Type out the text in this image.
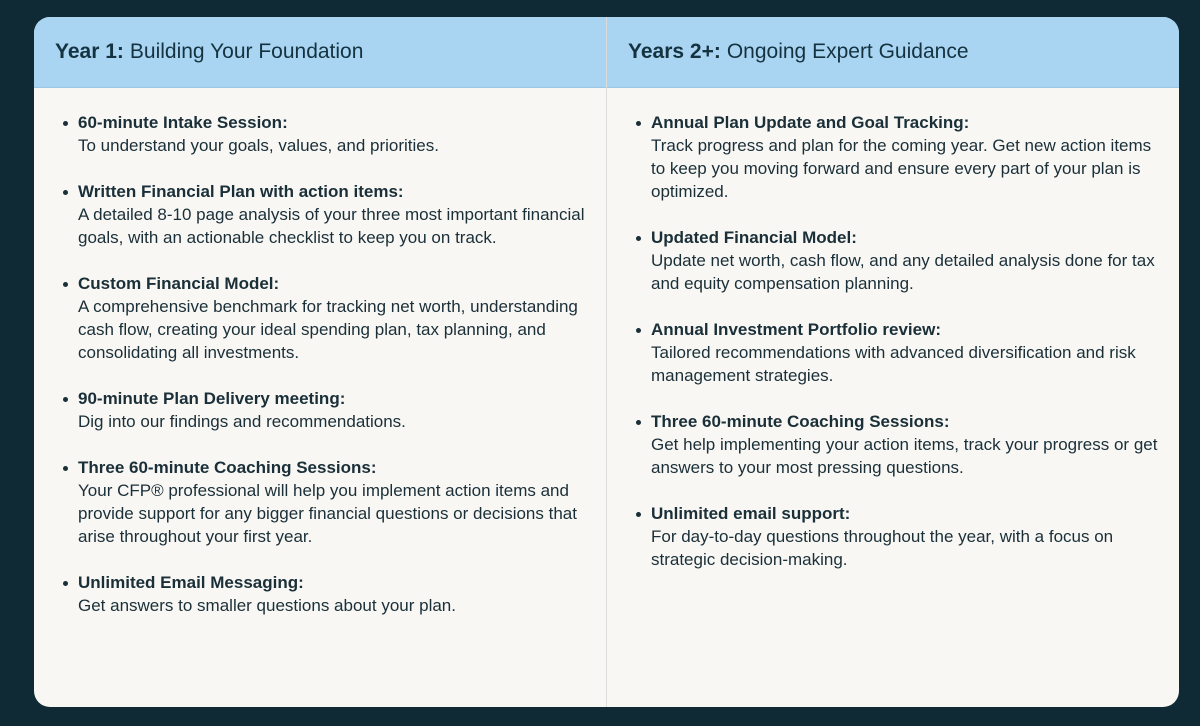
Year 1: Building Your Foundation
60-minute Intake Session:
To understand your goals, values, and priorities.
Written Financial Plan with action items:
A detailed 8-10 page analysis of your three most important financial goals, with an actionable checklist to keep you on track.
Custom Financial Model:
A comprehensive benchmark for tracking net worth, understanding cash flow, creating your ideal spending plan, tax planning, and consolidating all investments.
90-minute Plan Delivery meeting:
Dig into our findings and recommendations.
Three 60-minute Coaching Sessions:
Your CFP® professional will help you implement action items and provide support for any bigger financial questions or decisions that arise throughout your first year.
Unlimited Email Messaging:
Get answers to smaller questions about your plan.
Years 2+: Ongoing Expert Guidance
Annual Plan Update and Goal Tracking:
Track progress and plan for the coming year. Get new action items to keep you moving forward and ensure every part of your plan is optimized.
Updated Financial Model:
Update net worth, cash flow, and any detailed analysis done for tax and equity compensation planning.
Annual Investment Portfolio review:
Tailored recommendations with advanced diversification and risk management strategies.
Three 60-minute Coaching Sessions:
Get help implementing your action items, track your progress or get answers to your most pressing questions.
Unlimited email support:
For day-to-day questions throughout the year, with a focus on strategic decision-making.
